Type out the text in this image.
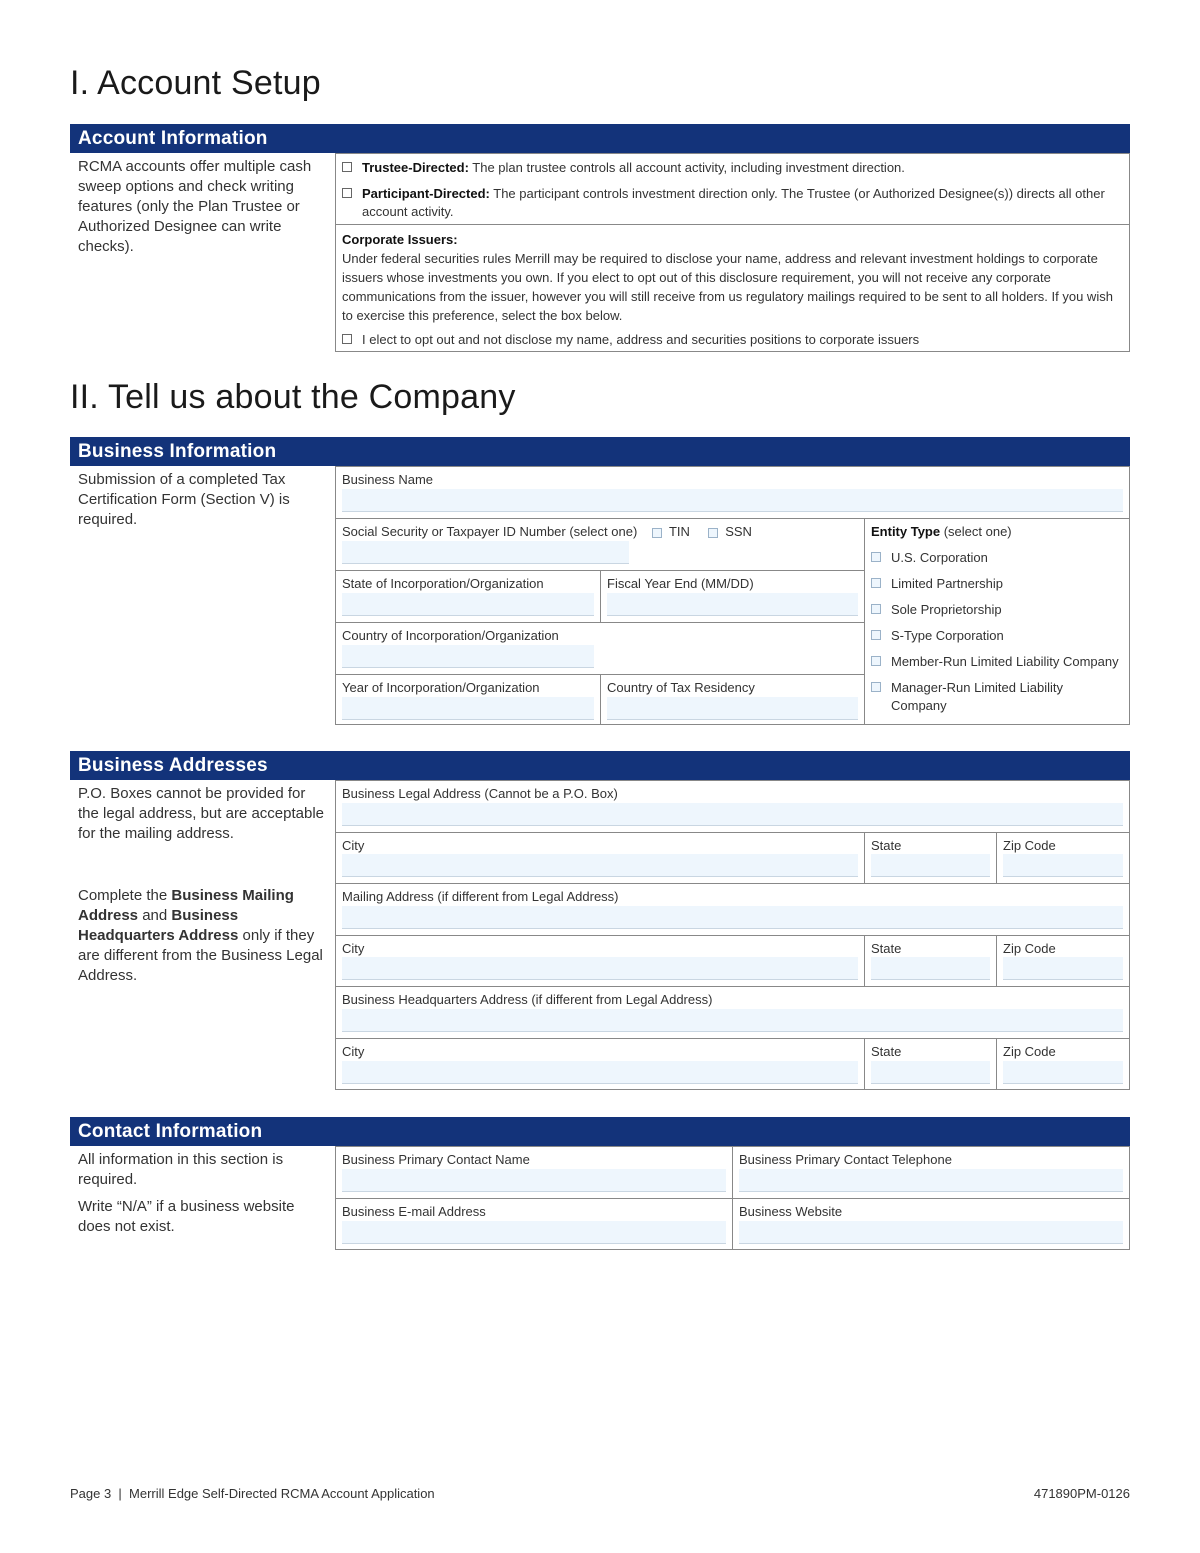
I. Account Setup
Account Information

RCMA accounts offer multiple cash sweep options and check writing features (only the Plan Trustee or Authorized Designee can write checks).

Trustee-Directed: The plan trustee controls all account activity, including investment direction.
Participant-Directed: The participant controls investment direction only. The Trustee (or Authorized Designee(s)) directs all other account activity.
Corporate Issuers:
Under federal securities rules Merrill may be required to disclose your name, address and relevant investment holdings to corporate issuers whose investments you own. If you elect to opt out of this disclosure requirement, you will not receive any corporate communications from the issuer, however you will still receive from us regulatory mailings required to be sent to all holders. If you wish to exercise this preference, select the box below.
I elect to opt out and not disclose my name, address and securities positions to corporate issuers
II. Tell us about the Company
Business Information

Submission of a completed Tax Certification Form (Section V) is required.

Business Name
Social Security or Taxpayer ID Number (select one) TIN	SSN
State of Incorporation/Organization	Fiscal Year End (MM/DD)
Country of Incorporation/Organization
Year of Incorporation/Organization	Country of Tax Residency
Entity Type (select one)
U.S. Corporation
Limited Partnership
Sole Proprietorship
S-Type Corporation
Member-Run Limited Liability Company
Manager-Run Limited Liability Company
Business Addresses

P.O. Boxes cannot be provided for the legal address, but are acceptable for the mailing address.

Complete the Business Mailing Address and Business Headquarters Address only if they are different from the Business Legal Address.

Business Legal Address (Cannot be a P.O. Box)
City	State	Zip Code
Mailing Address (if different from Legal Address)
City	State	Zip Code
Business Headquarters Address (if different from Legal Address)
City	State	Zip Code
Contact Information

All information in this section is required.

Write “N/A” if a business website does not exist.

Business Primary Contact Name	Business Primary Contact Telephone
Business E-mail Address	Business Website
Page 3  |  Merrill Edge Self-Directed RCMA Account Application	471890PM-0126
